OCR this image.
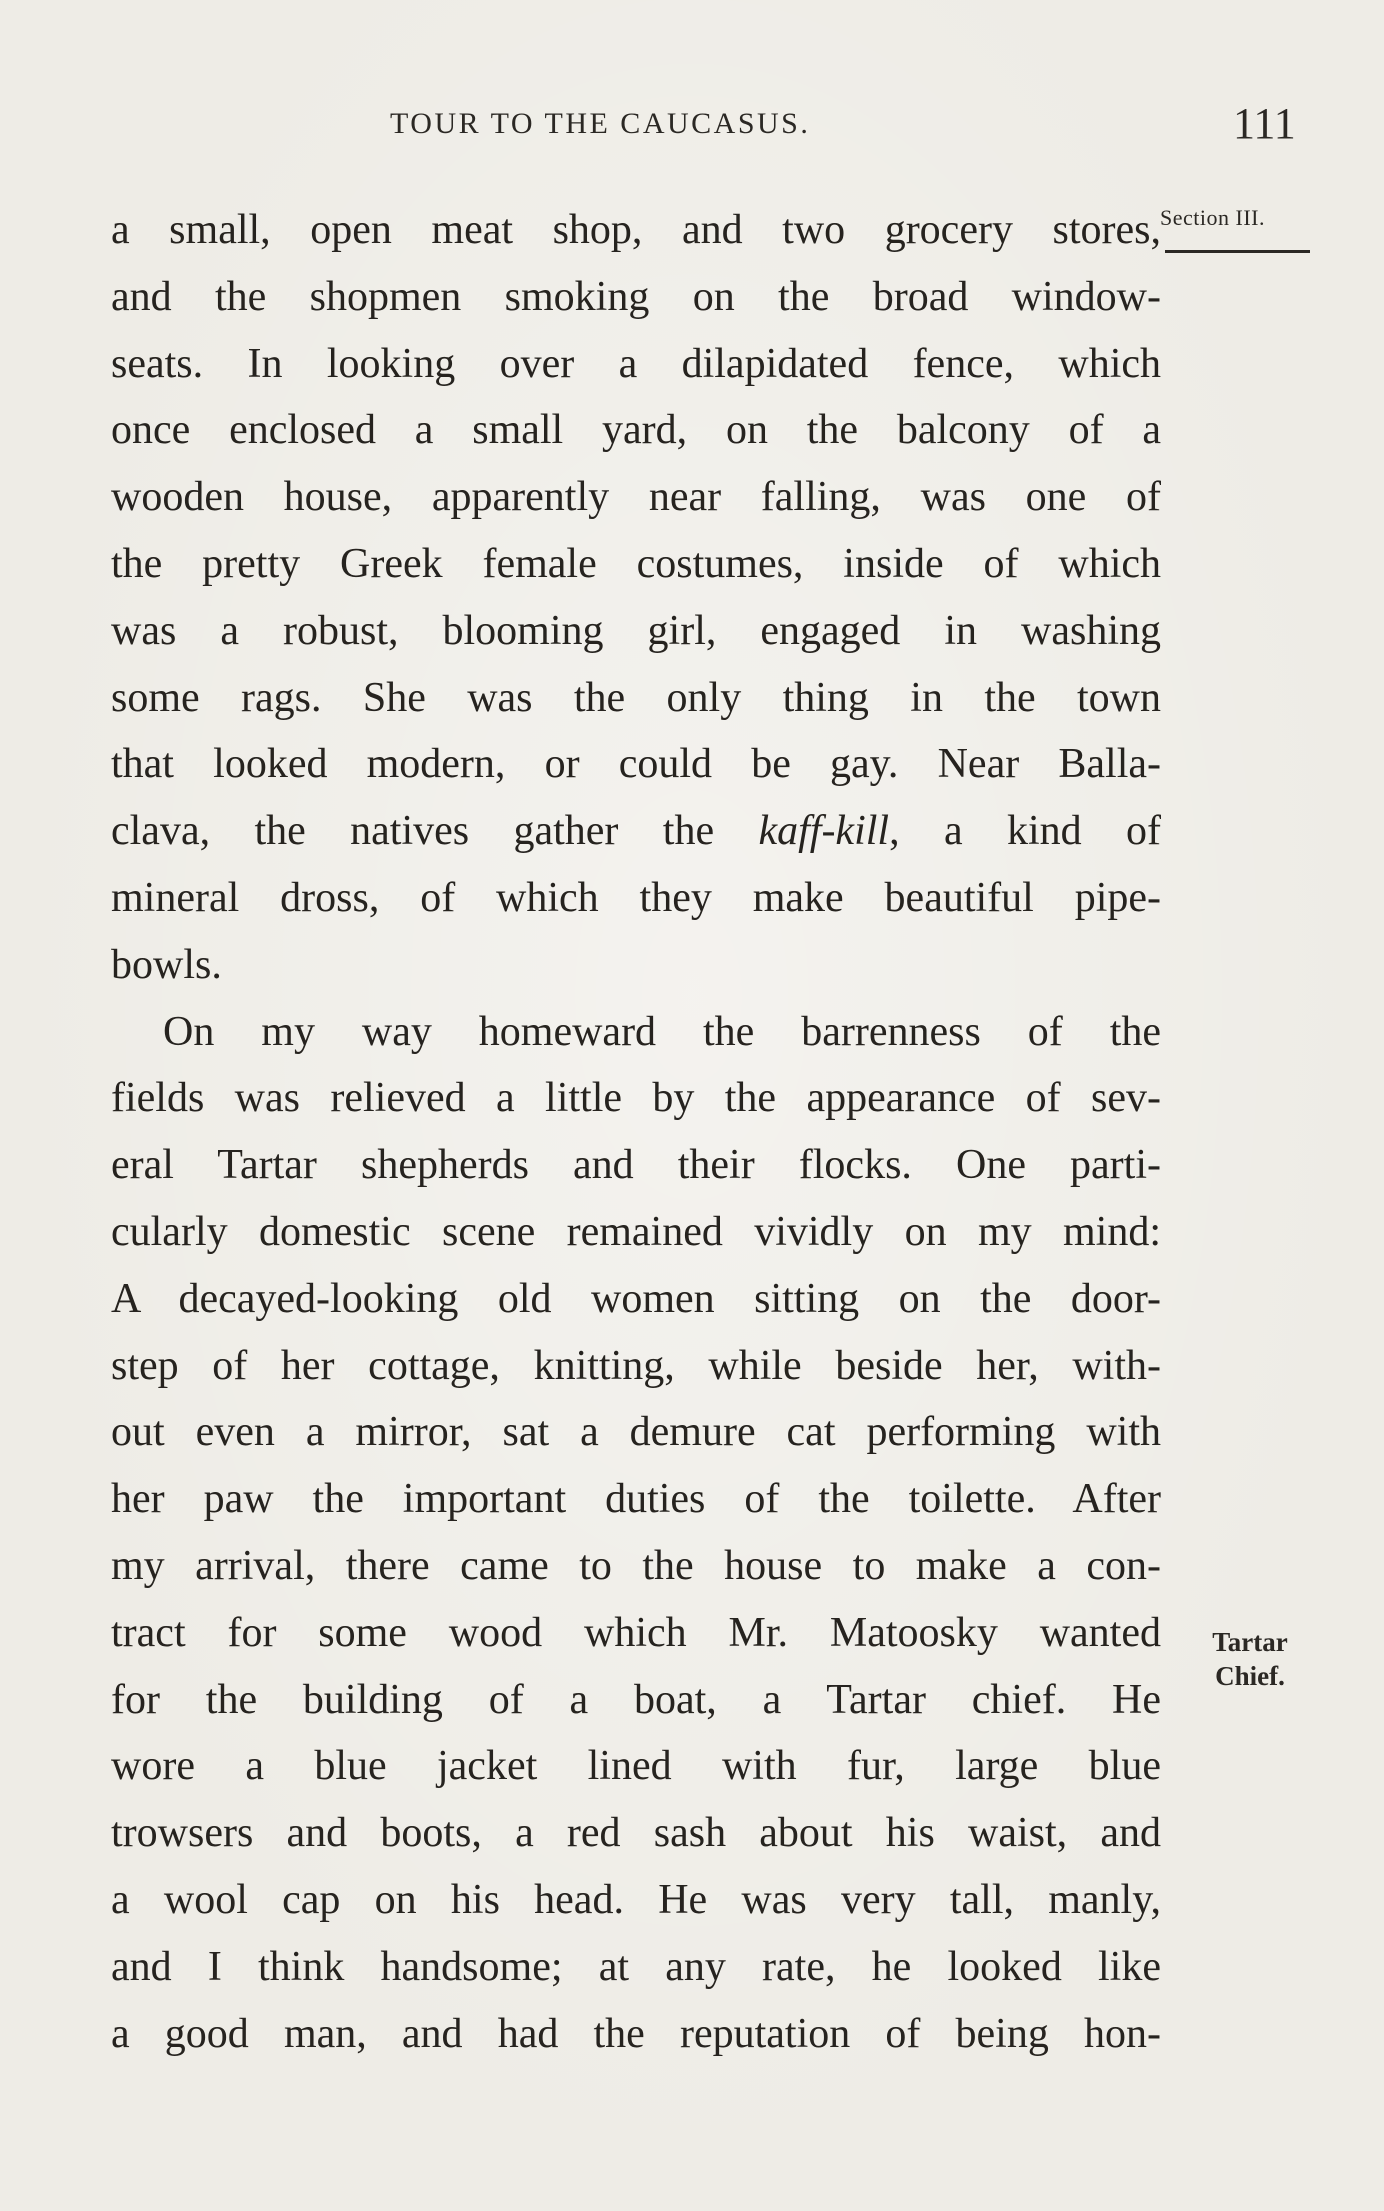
TOUR TO THE CAUCASUS.	111
Section III.
Tartar
Chief.
a small, open meat shop, and two grocery stores,
and the shopmen smoking on the broad window-
seats. In looking over a dilapidated fence, which
once enclosed a small yard, on the balcony of a
wooden house, apparently near falling, was one of
the pretty Greek female costumes, inside of which
was a robust, blooming girl, engaged in washing
some rags. She was the only thing in the town
that looked modern, or could be gay. Near Balla-
clava, the natives gather the kaff-kill, a kind of
mineral dross, of which they make beautiful pipe-
bowls.
On my way homeward the barrenness of the
fields was relieved a little by the appearance of sev-
eral Tartar shepherds and their flocks. One parti-
cularly domestic scene remained vividly on my mind:
A decayed-looking old women sitting on the door-
step of her cottage, knitting, while beside her, with-
out even a mirror, sat a demure cat performing with
her paw the important duties of the toilette. After
my arrival, there came to the house to make a con-
tract for some wood which Mr. Matoosky wanted
for the building of a boat, a Tartar chief. He
wore a blue jacket lined with fur, large blue
trowsers and boots, a red sash about his waist, and
a wool cap on his head. He was very tall, manly,
and I think handsome; at any rate, he looked like
a good man, and had the reputation of being hon-
